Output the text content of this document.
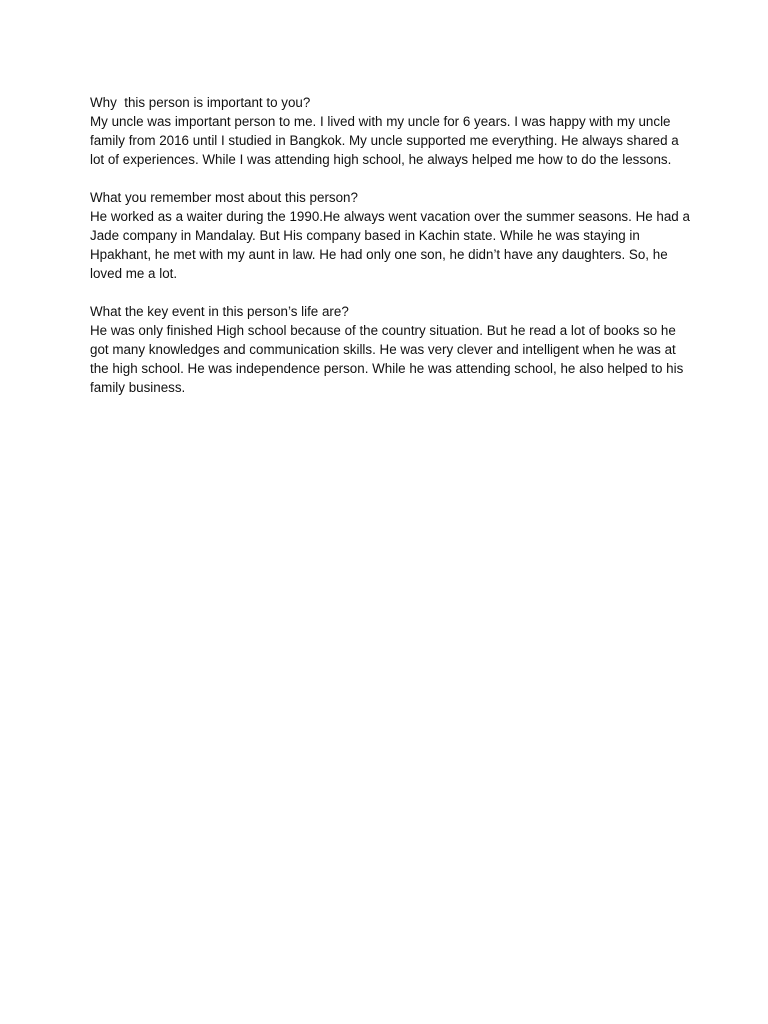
Why  this person is important to you?

My uncle was important person to me. I lived with my uncle for 6 years. I was happy with my uncle family from 2016 until I studied in Bangkok. My uncle supported me everything. He always shared a lot of experiences. While I was attending high school, he always helped me how to do the lessons.

What you remember most about this person?

He worked as a waiter during the 1990.He always went vacation over the summer seasons. He had a Jade company in Mandalay. But His company based in Kachin state. While he was staying in Hpakhant, he met with my aunt in law. He had only one son, he didn’t have any daughters. So, he loved me a lot.

What the key event in this person’s life are?

He was only finished High school because of the country situation. But he read a lot of books so he got many knowledges and communication skills. He was very clever and intelligent when he was at the high school. He was independence person. While he was attending school, he also helped to his family business.
